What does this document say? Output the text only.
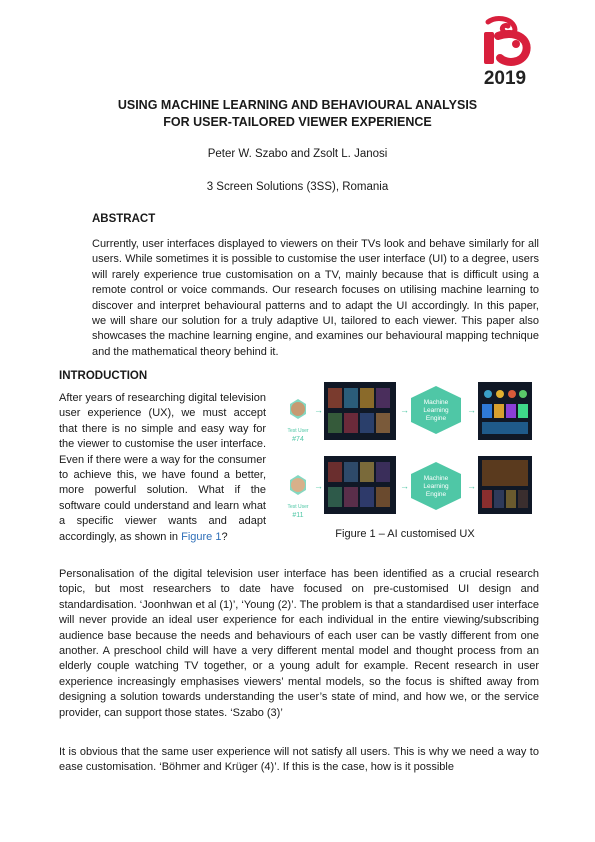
2019
USING MACHINE LEARNING AND BEHAVIOURAL ANALYSIS
FOR USER-TAILORED VIEWER EXPERIENCE
Peter W. Szabo and Zsolt L. Janosi
3 Screen Solutions (3SS), Romania
ABSTRACT

Currently, user interfaces displayed to viewers on their TVs look and behave similarly for all users. While sometimes it is possible to customise the user interface (UI) to a degree, users will rarely experience true customisation on a TV, mainly because that is difficult using a remote control or voice commands. Our research focuses on utilising machine learning to discover and interpret behavioural patterns and to adapt the UI accordingly. In this paper, we will share our solution for a truly adaptive UI, tailored to each viewer. This paper also showcases the machine learning engine, and examines our behavioural mapping technique and the mathematical theory behind it.

INTRODUCTION

After years of researching digital television user experience (UX), we must accept that there is no simple and easy way for the viewer to customise the user interface. Even if there were a way for the consumer to achieve this, we have found a better, more powerful solution. What if the software could understand and learn what a specific viewer wants and adapt accordingly, as shown in Figure 1?

Test User
#74
→	→
Machine
Learning
Engine
→
Test User
#11
→	→
Machine
Learning
Engine
→
Figure 1 – AI customised UX

Personalisation of the digital television user interface has been identified as a crucial research topic, but most researchers to date have focused on pre-customised UI design and standardisation. ‘Joonhwan et al (1)’, ‘Young (2)’. The problem is that a standardised user interface will never provide an ideal user experience for each individual in the entire viewing/subscribing audience base because the needs and behaviours of each user can be vastly different from one another. A preschool child will have a very different mental model and thought process from an elderly couple watching TV together, or a young adult for example. Recent research in user experience increasingly emphasises viewers’ mental models, so the focus is shifted away from designing a solution towards understanding the user’s state of mind, and how we, or the service provider, can support those states. ‘Szabo (3)’

It is obvious that the same user experience will not satisfy all users. This is why we need a way to ease customisation. ‘Böhmer and Krüger (4)’. If this is the case, how is it possible
